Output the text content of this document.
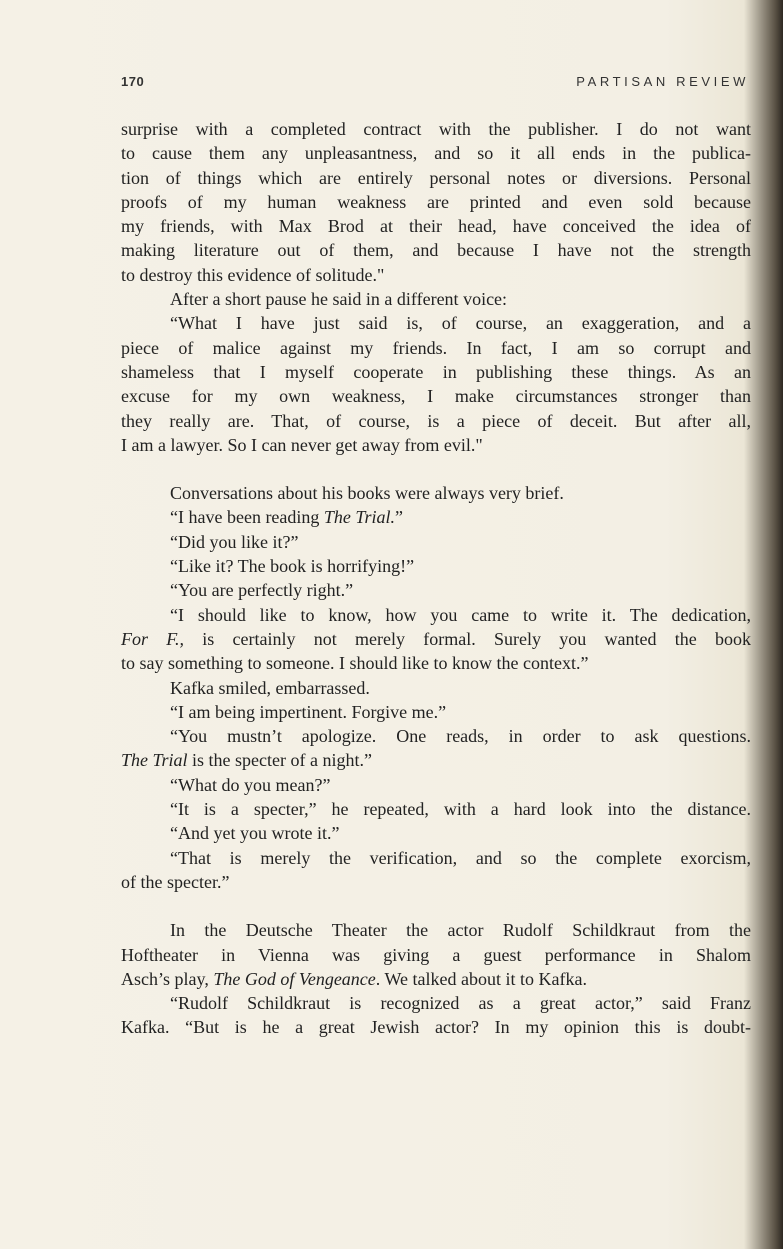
170	PARTISAN REVIEW

surprise with a completed contract with the publisher. I do not want

to cause them any unpleasantness, and so it all ends in the publica-

tion of things which are entirely personal notes or diversions. Personal

proofs of my human weakness are printed and even sold because

my friends, with Max Brod at their head, have conceived the idea of

making literature out of them, and because I have not the strength

to destroy this evidence of solitude."

After a short pause he said in a different voice:

“What I have just said is, of course, an exaggeration, and a

piece of malice against my friends. In fact, I am so corrupt and

shameless that I myself cooperate in publishing these things. As an

excuse for my own weakness, I make circumstances stronger than

they really are. That, of course, is a piece of deceit. But after all,

I am a lawyer. So I can never get away from evil."

Conversations about his books were always very brief.

“I have been reading The Trial.”

“Did you like it?”

“Like it? The book is horrifying!”

“You are perfectly right.”

“I should like to know, how you came to write it. The dedication,

For F., is certainly not merely formal. Surely you wanted the book

to say something to someone. I should like to know the context.”

Kafka smiled, embarrassed.

“I am being impertinent. Forgive me.”

“You mustn’t apologize. One reads, in order to ask questions.

The Trial is the specter of a night.”

“What do you mean?”

“It is a specter,” he repeated, with a hard look into the distance.

“And yet you wrote it.”

“That is merely the verification, and so the complete exorcism,

of the specter.”

In the Deutsche Theater the actor Rudolf Schildkraut from the

Hoftheater in Vienna was giving a guest performance in Shalom

Asch’s play, The God of Vengeance. We talked about it to Kafka.

“Rudolf Schildkraut is recognized as a great actor,” said Franz

Kafka. “But is he a great Jewish actor? In my opinion this is doubt-
